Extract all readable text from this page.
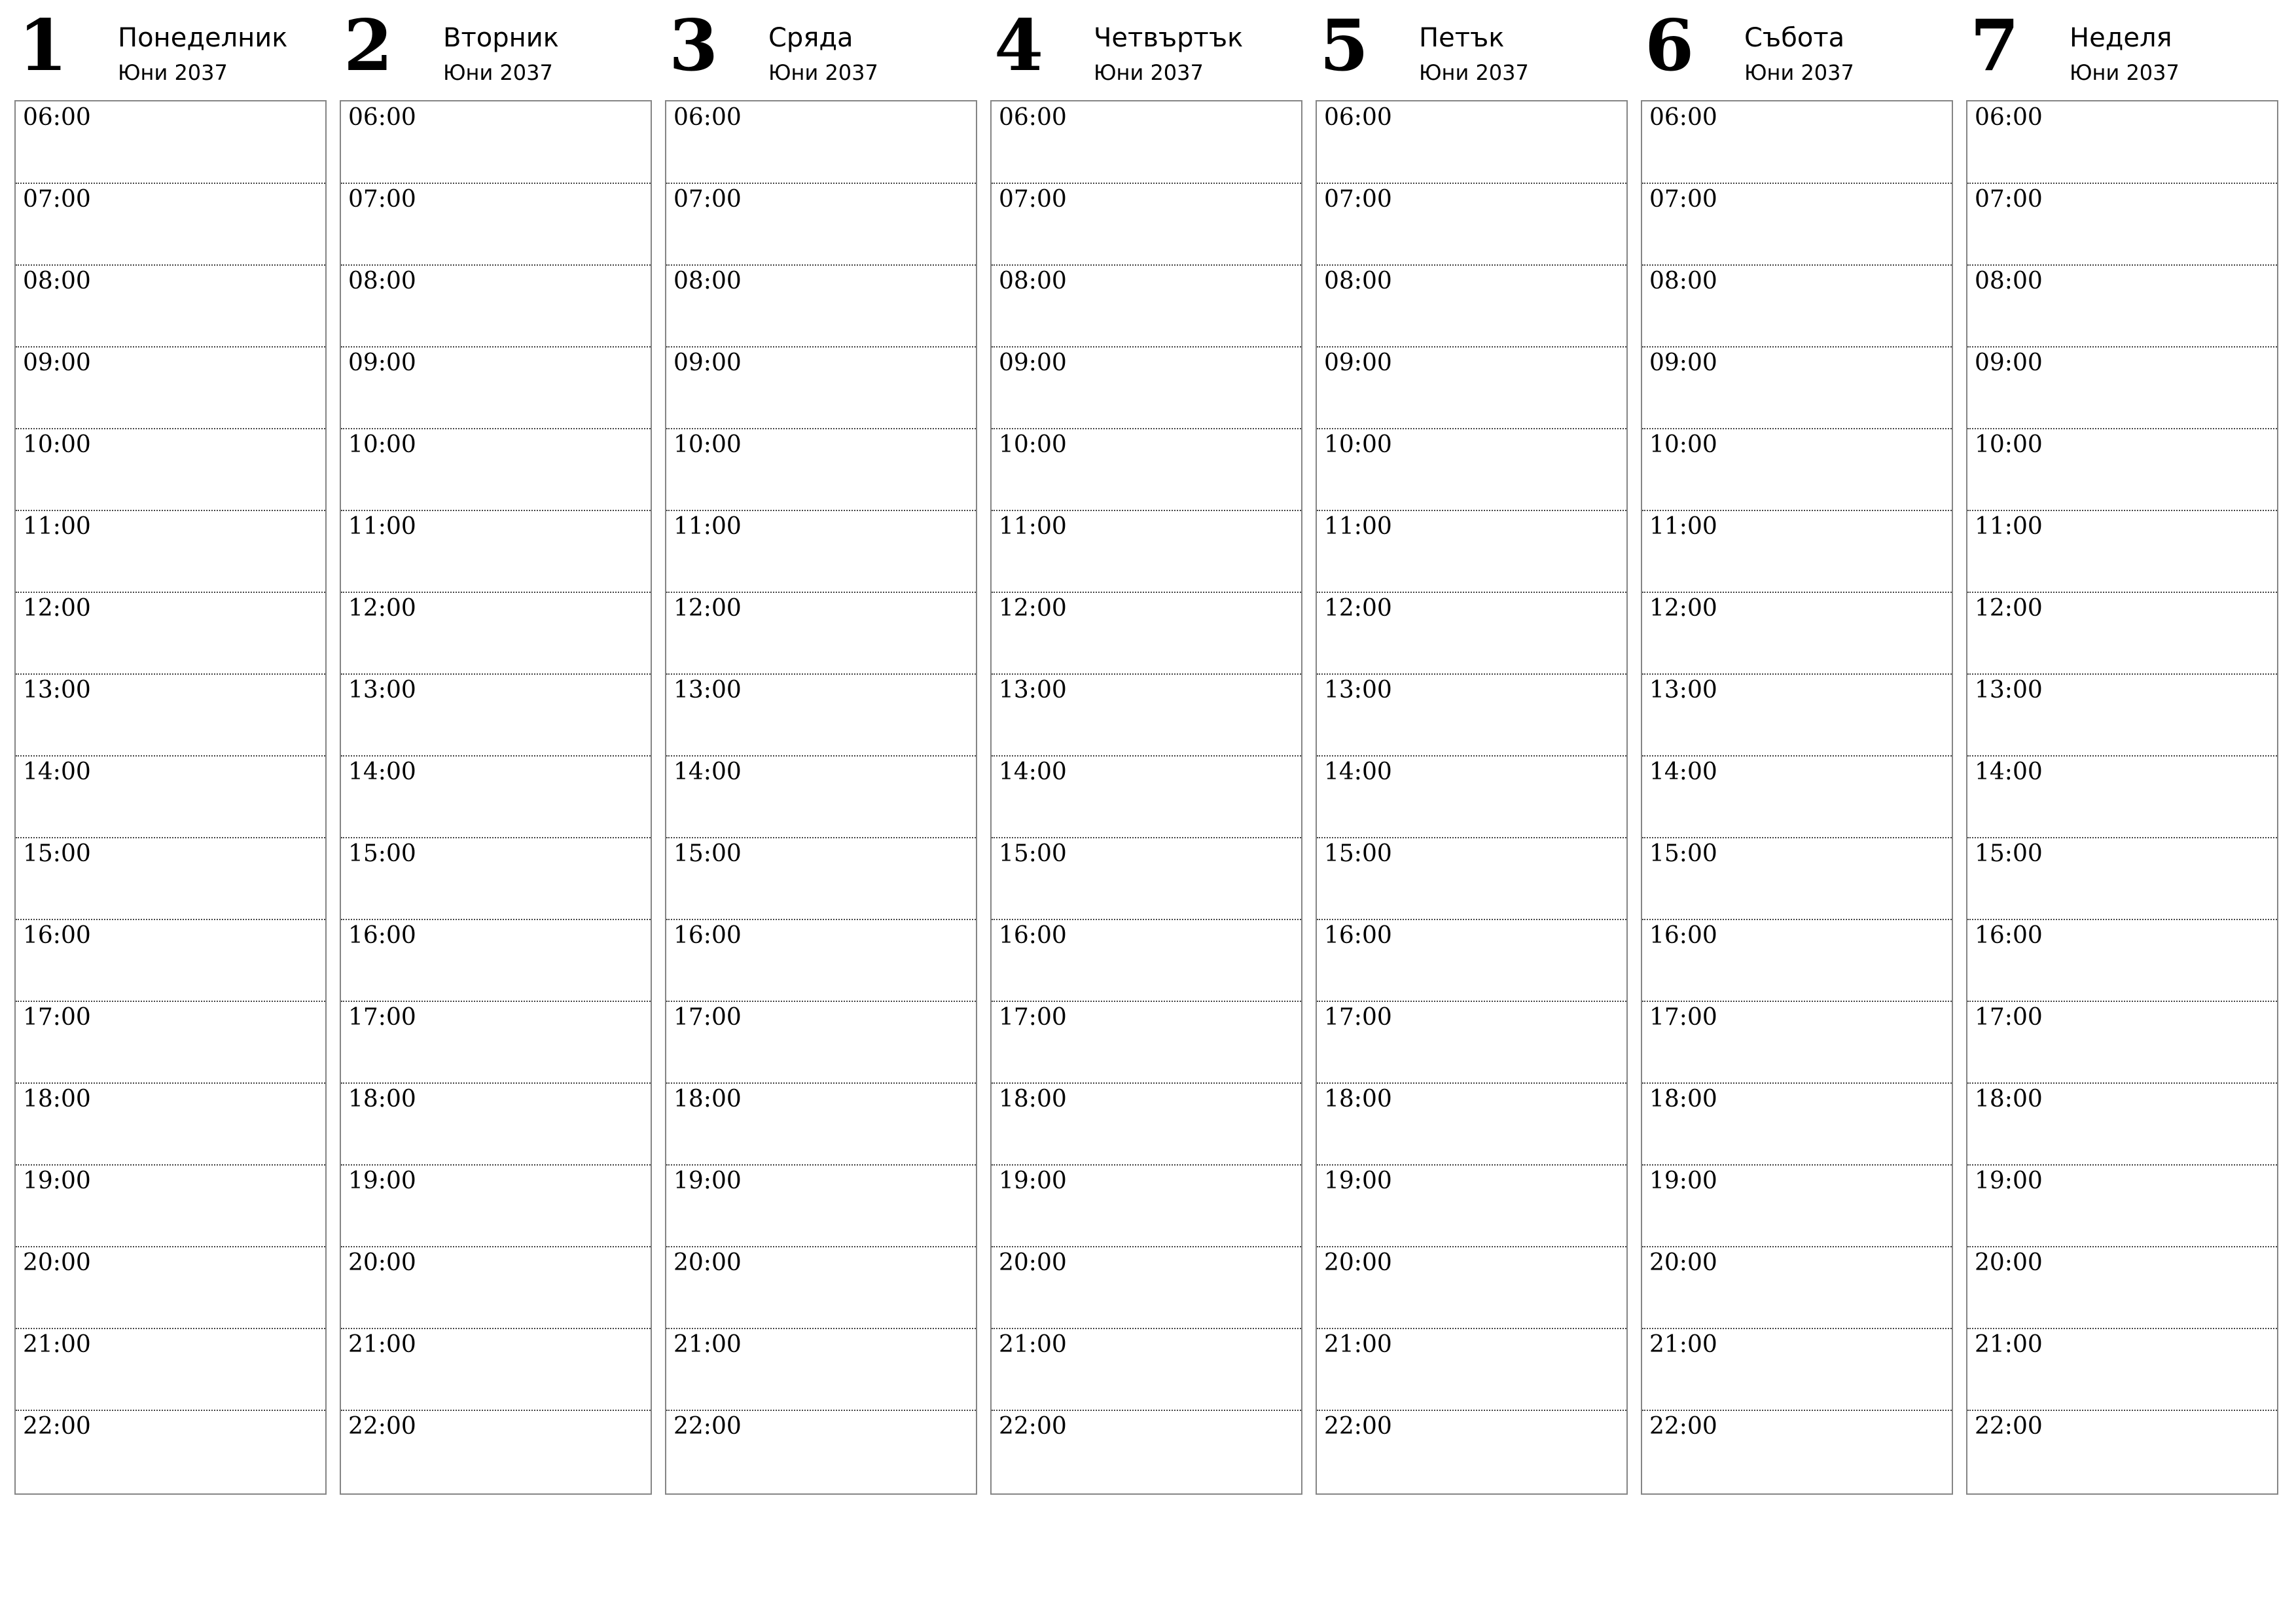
1 Понеделник
Юни 2037
06:00
07:00
08:00
09:00
10:00
11:00
12:00
13:00
14:00
15:00
16:00
17:00
18:00
19:00
20:00
21:00
22:00
2 Вторник
Юни 2037
06:00
07:00
08:00
09:00
10:00
11:00
12:00
13:00
14:00
15:00
16:00
17:00
18:00
19:00
20:00
21:00
22:00
3 Сряда
Юни 2037
06:00
07:00
08:00
09:00
10:00
11:00
12:00
13:00
14:00
15:00
16:00
17:00
18:00
19:00
20:00
21:00
22:00
4 Четвъртък
Юни 2037
06:00
07:00
08:00
09:00
10:00
11:00
12:00
13:00
14:00
15:00
16:00
17:00
18:00
19:00
20:00
21:00
22:00
5 Петък
Юни 2037
06:00
07:00
08:00
09:00
10:00
11:00
12:00
13:00
14:00
15:00
16:00
17:00
18:00
19:00
20:00
21:00
22:00
6 Събота
Юни 2037
06:00
07:00
08:00
09:00
10:00
11:00
12:00
13:00
14:00
15:00
16:00
17:00
18:00
19:00
20:00
21:00
22:00
7 Неделя
Юни 2037
06:00
07:00
08:00
09:00
10:00
11:00
12:00
13:00
14:00
15:00
16:00
17:00
18:00
19:00
20:00
21:00
22:00
